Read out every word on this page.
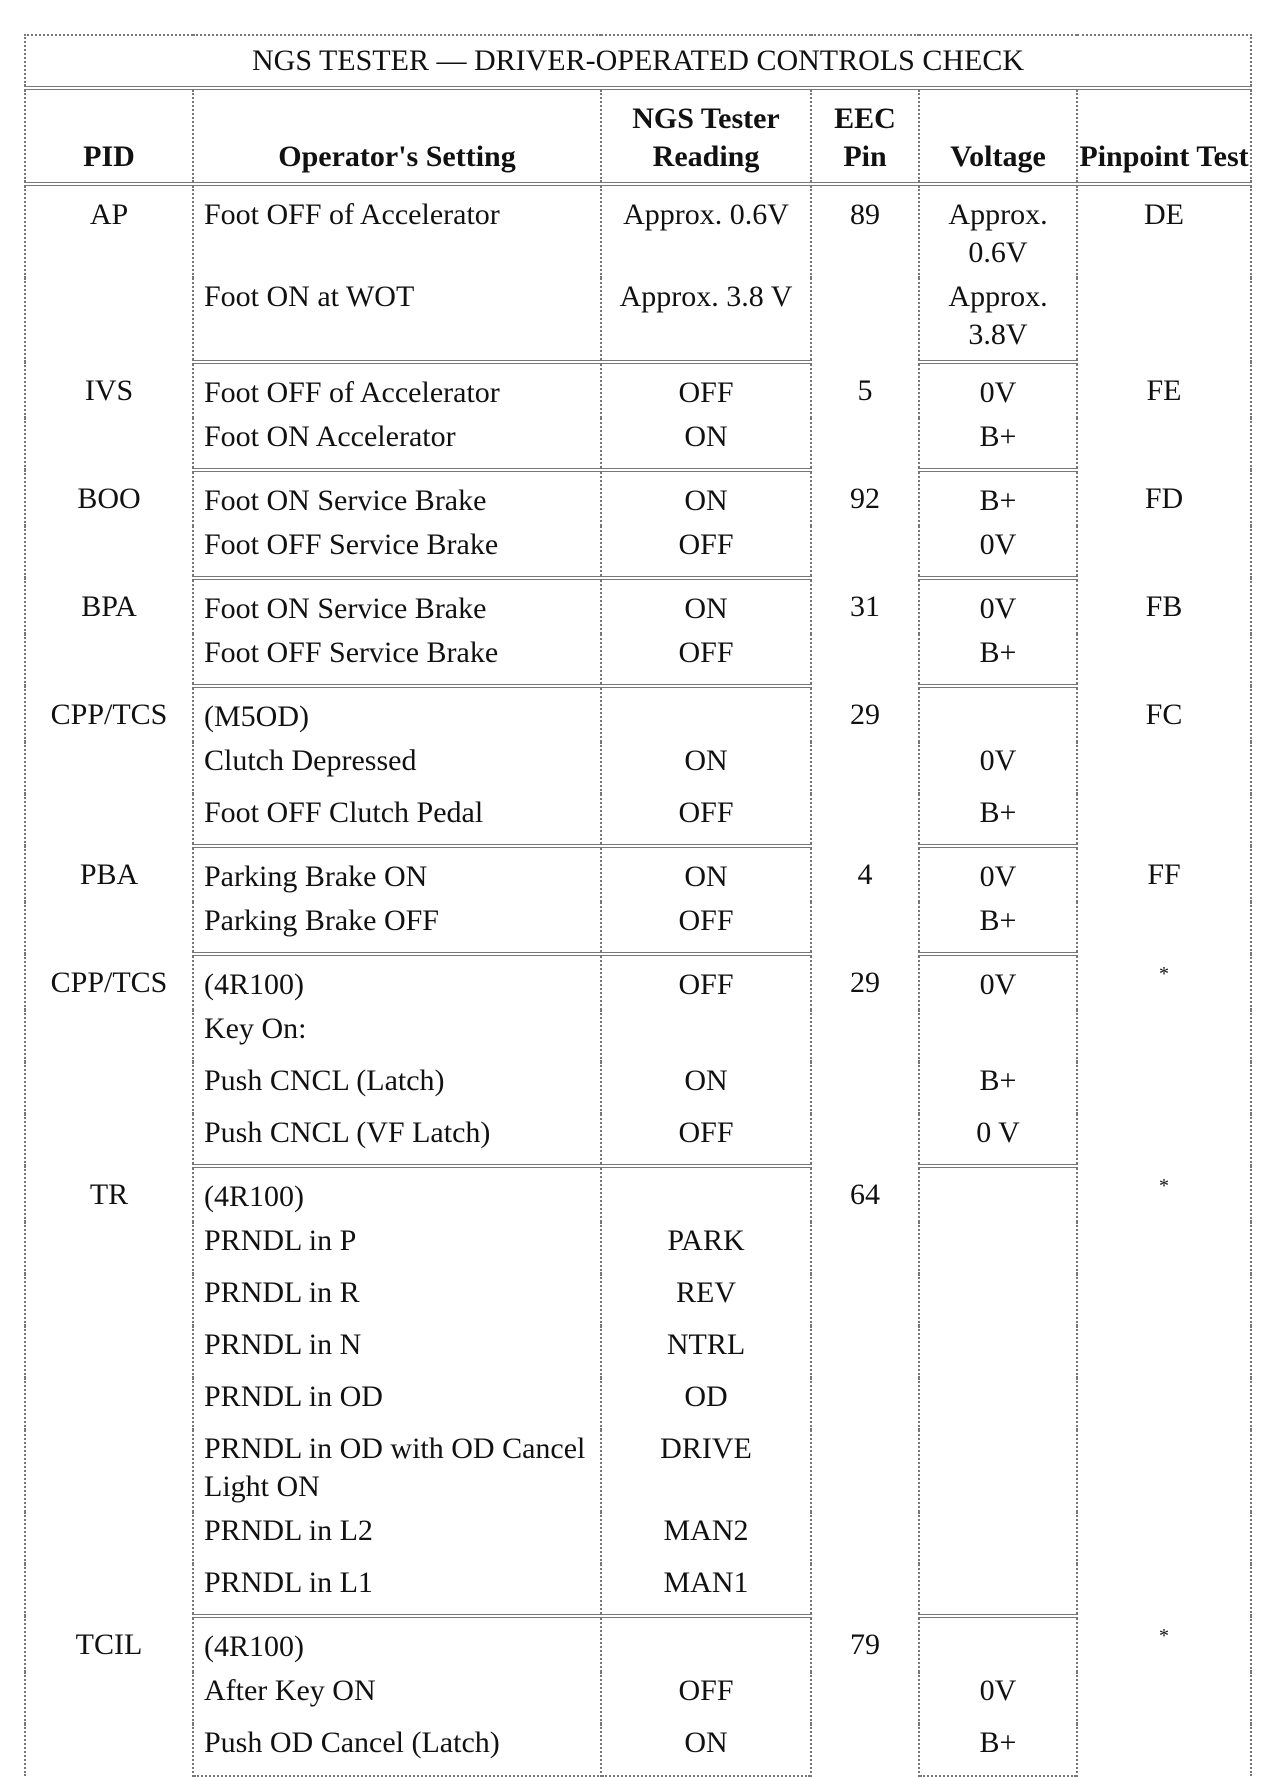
NGS TESTER — DRIVER-OPERATED CONTROLS CHECK					
PID	Operator's Setting	NGS Tester Reading	EEC Pin	Voltage	Pinpoint Test
AP	Foot OFF of Accelerator	Approx. 0.6V	89	Approx. 0.6V	DE
	Foot ON at WOT	Approx. 3.8 V		Approx. 3.8V	
IVS	Foot OFF of Accelerator	OFF	5	0V	FE
	Foot ON Accelerator	ON		B+	
BOO	Foot ON Service Brake	ON	92	B+	FD
	Foot OFF Service Brake	OFF		0V	
BPA	Foot ON Service Brake	ON	31	0V	FB
	Foot OFF Service Brake	OFF		B+	
CPP/TCS	(M5OD)		29		FC
	Clutch Depressed	ON		0V	
	Foot OFF Clutch Pedal	OFF		B+	
PBA	Parking Brake ON	ON	4	0V	FF
	Parking Brake OFF	OFF		B+	
CPP/TCS	(4R100)	OFF	29	0V	*
	Key On:				
	Push CNCL (Latch)	ON		B+	
	Push CNCL (VF Latch)	OFF		0 V	
TR	(4R100)		64		*
	PRNDL in P	PARK			
	PRNDL in R	REV			
	PRNDL in N	NTRL			
	PRNDL in OD	OD			
	PRNDL in OD with OD Cancel Light ON	DRIVE			
	PRNDL in L2	MAN2			
	PRNDL in L1	MAN1			
TCIL	(4R100)		79		*
	After Key ON	OFF		0V	
	Push OD Cancel (Latch)	ON		B+	
